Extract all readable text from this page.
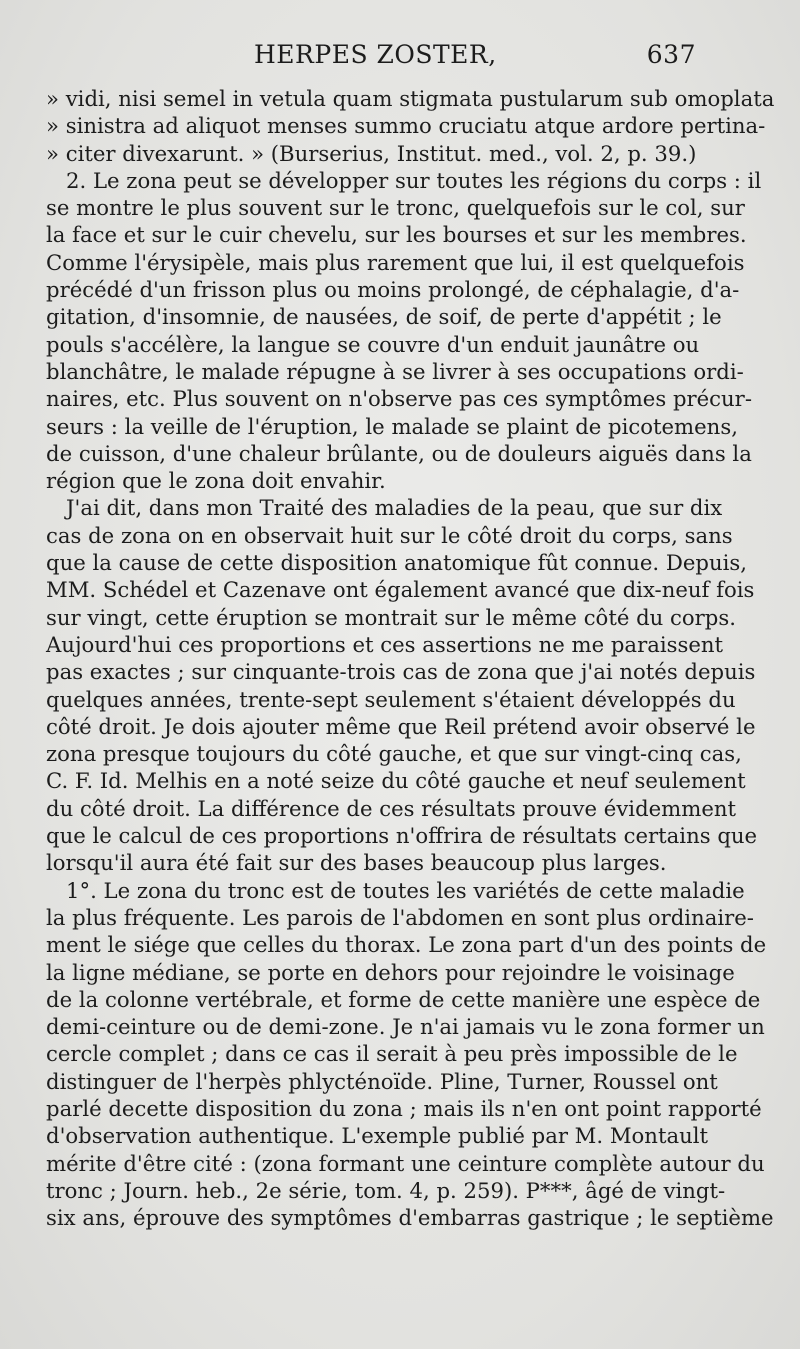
HERPES ZOSTER,	637
» vidi, nisi semel in vetula quam stigmata pustularum sub omoplata
» sinistra ad aliquot menses summo cruciatu atque ardore pertina-
» citer divexarunt. » (Burserius, Institut. med., vol. 2, p. 39.)
2. Le zona peut se développer sur toutes les régions du corps : il
se montre le plus souvent sur le tronc, quelquefois sur le col, sur
la face et sur le cuir chevelu, sur les bourses et sur les membres.
Comme l'érysipèle, mais plus rarement que lui, il est quelquefois
précédé d'un frisson plus ou moins prolongé, de céphalagie, d'a-
gitation, d'insomnie, de nausées, de soif, de perte d'appétit ; le
pouls s'accélère, la langue se couvre d'un enduit jaunâtre ou
blanchâtre, le malade répugne à se livrer à ses occupations ordi-
naires, etc. Plus souvent on n'observe pas ces symptômes précur-
seurs : la veille de l'éruption, le malade se plaint de picotemens,
de cuisson, d'une chaleur brûlante, ou de douleurs aiguës dans la
région que le zona doit envahir.
J'ai dit, dans mon Traité des maladies de la peau, que sur dix
cas de zona on en observait huit sur le côté droit du corps, sans
que la cause de cette disposition anatomique fût connue. Depuis,
MM. Schédel et Cazenave ont également avancé que dix-neuf fois
sur vingt, cette éruption se montrait sur le même côté du corps.
Aujourd'hui ces proportions et ces assertions ne me paraissent
pas exactes ; sur cinquante-trois cas de zona que j'ai notés depuis
quelques années, trente-sept seulement s'étaient développés du
côté droit. Je dois ajouter même que Reil prétend avoir observé le
zona presque toujours du côté gauche, et que sur vingt-cinq cas,
C. F. Id. Melhis en a noté seize du côté gauche et neuf seulement
du côté droit. La différence de ces résultats prouve évidemment
que le calcul de ces proportions n'offrira de résultats certains que
lorsqu'il aura été fait sur des bases beaucoup plus larges.
1°. Le zona du tronc est de toutes les variétés de cette maladie
la plus fréquente. Les parois de l'abdomen en sont plus ordinaire-
ment le siége que celles du thorax. Le zona part d'un des points de
la ligne médiane, se porte en dehors pour rejoindre le voisinage
de la colonne vertébrale, et forme de cette manière une espèce de
demi-ceinture ou de demi-zone. Je n'ai jamais vu le zona former un
cercle complet ; dans ce cas il serait à peu près impossible de le
distinguer de l'herpès phlycténoïde. Pline, Turner, Roussel ont
parlé decette disposition du zona ; mais ils n'en ont point rapporté
d'observation authentique. L'exemple publié par M. Montault
mérite d'être cité : (zona formant une ceinture complète autour du
tronc ; Journ. heb., 2e série, tom. 4, p. 259). P***, âgé de vingt-
six ans, éprouve des symptômes d'embarras gastrique ; le septième
